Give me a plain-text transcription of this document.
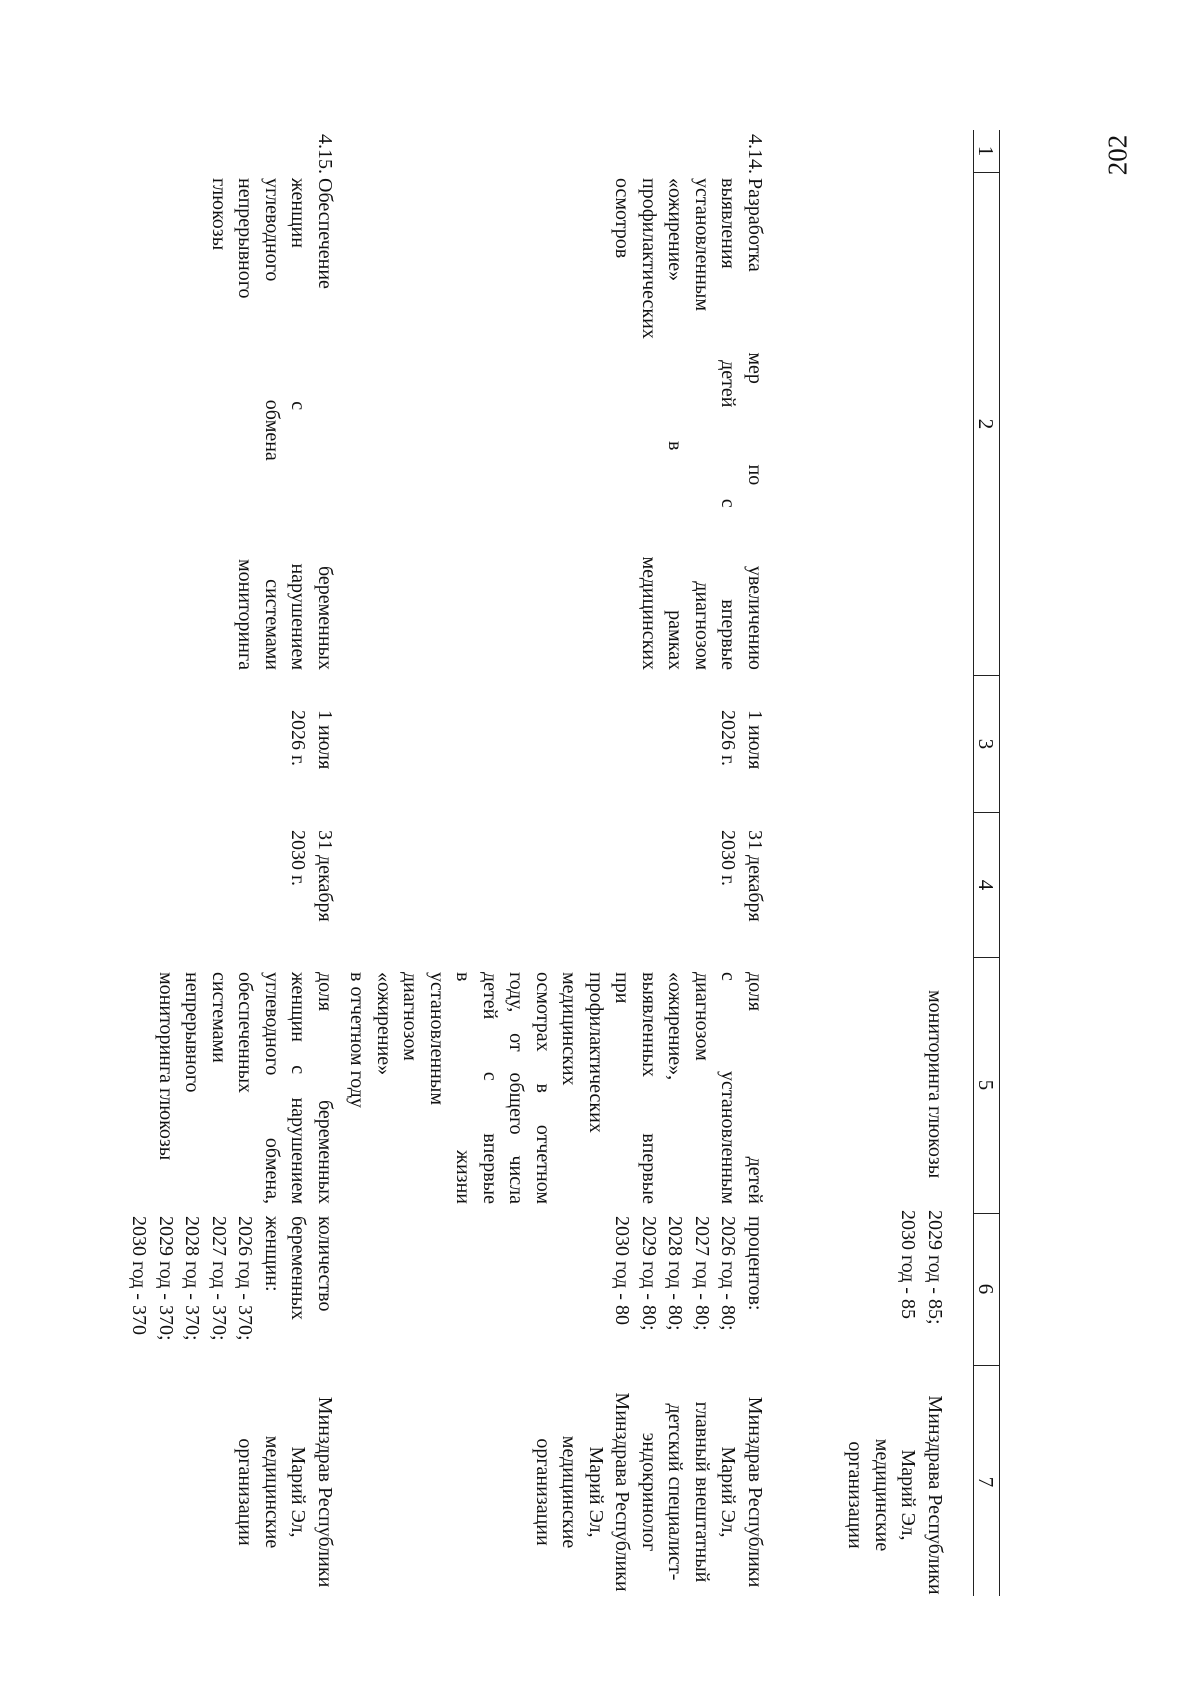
202
1
2
3
4
5
6
7
мониторинга глюкозы
2029 год - 85;
2030 год - 85
Минздрава Республики
Марий Эл,
медицинские
организации
4.14.
Разработка мер по увеличению
выявления детей с впервые
установленным диагнозом
«ожирение» в рамках
профилактических медицинских
осмотров
1 июля
2026 г.
31 декабря
2030 г.
доля детей
с установленным
диагнозом
«ожирение»,
выявленных впервые
при
профилактических
медицинских
осмотрах в отчетном
году, от общего числа
детей с впервые
в жизни
установленным
диагнозом
«ожирение»
в отчетном году
процентов:
2026 год - 80;
2027 год - 80;
2028 год - 80;
2029 год - 80;
2030 год - 80
Минздрав Республики
Марий Эл,
главный внештатный
детский специалист-
эндокринолог
Минздрава Республики
Марий Эл,
медицинские
организации
4.15.
Обеспечение беременных
женщин с нарушением
углеводного обмена системами
непрерывного мониторинга
глюкозы
1 июля
2026 г.
31 декабря
2030 г.
доля беременных
женщин с нарушением
углеводного обмена,
обеспеченных
системами
непрерывного
мониторинга глюкозы
количество
беременных
женщин:
2026 год - 370;
2027 год - 370;
2028 год - 370;
2029 год - 370;
2030 год - 370
Минздрав Республики
Марий Эл,
медицинские
организации
